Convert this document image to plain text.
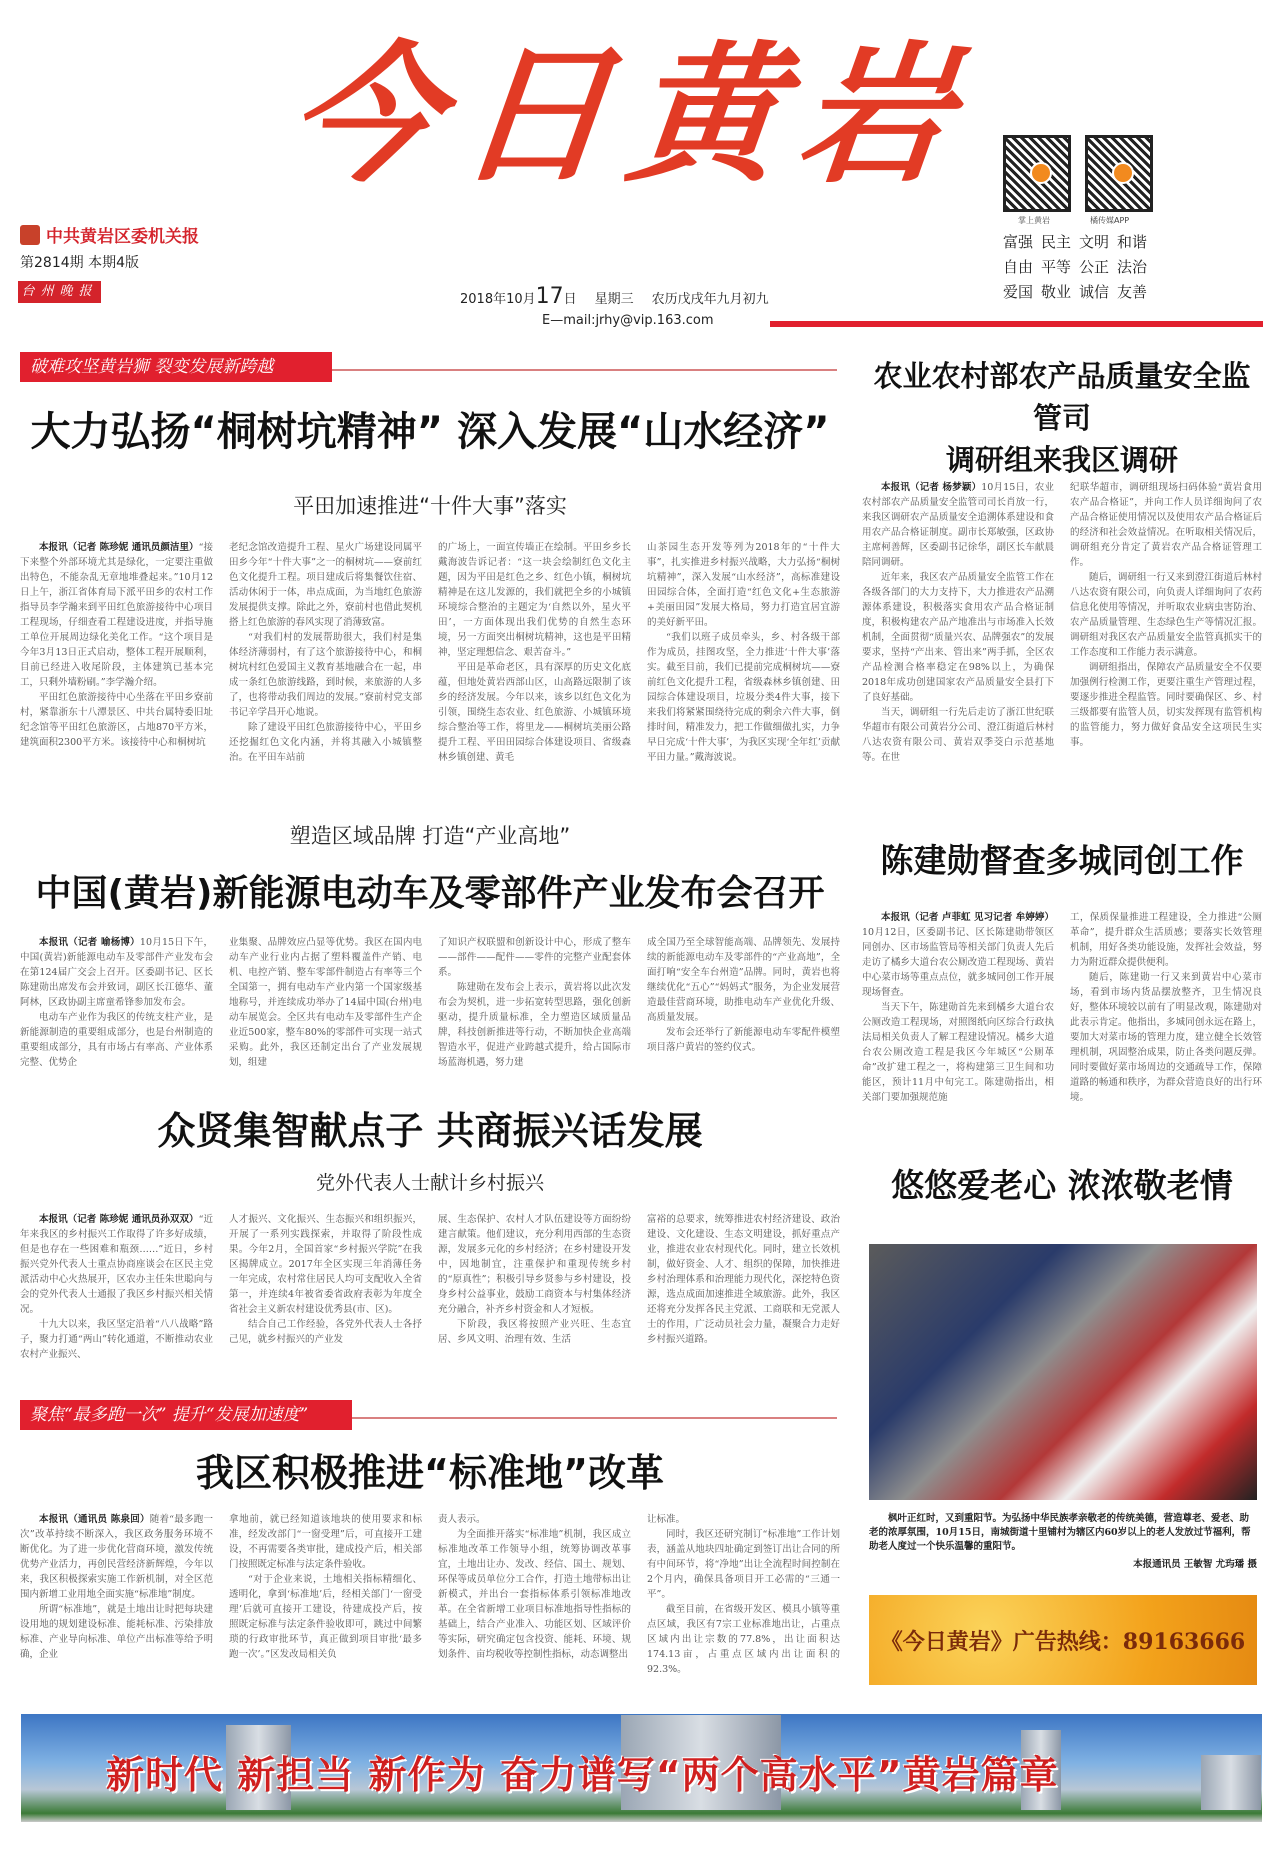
今日黄岩
中共黄岩区委机关报
第2814期 本期4版
台州晚报
2018年10月17日 星期三 农历戊戌年九月初九
E—mail:jrhy@vip.163.com
掌上黄岩	橘传媒APP
富强 民主 文明 和谐
自由 平等 公正 法治
爱国 敬业 诚信 友善
破难攻坚黄岩狮 裂变发展新跨越
大力弘扬“桐树坑精神” 深入发展“山水经济”
平田加速推进“十件大事”落实

本报讯（记者 陈珍妮 通讯员颜洁里）“接下来整个外部环境尤其是绿化，一定要注重做出特色，不能杂乱无章地堆叠起来。”10月12日上午，浙江省体育局下派平田乡的农村工作指导员李学瀚来到平田红色旅游接待中心项目工程现场，仔细查看工程建设进度，并指导施工单位开展周边绿化美化工作。“这个项目是今年3月13日正式启动，整体工程开展顺利，目前已经进入收尾阶段，主体建筑已基本完工，只剩外墙粉刷。”李学瀚介绍。

平田红色旅游接待中心坐落在平田乡寮前村，紧靠浙东十八潭景区、中共台属特委旧址纪念馆等平田红色旅游区，占地870平方米，建筑面积2300平方米。该接待中心和桐树坑

老纪念馆改造提升工程、星火广场建设同属平田乡今年“十件大事”之一的桐树坑——寮前红色文化提升工程。项目建成后将集餐饮住宿、活动休闲于一体，串点成面，为当地红色旅游发展提供支撑。除此之外，寮前村也借此契机搭上红色旅游的春风实现了消薄致富。

“对我们村的发展帮助很大，我们村是集体经济薄弱村，有了这个旅游接待中心，和桐树坑村红色爱国主义教育基地融合在一起，串成一条红色旅游线路，到时候，来旅游的人多了，也将带动我们周边的发展。”寮前村党支部书记辛学昌开心地说。

除了建设平田红色旅游接待中心，平田乡还挖掘红色文化内涵，并将其融入小城镇整治。在平田车站前

的广场上，一面宣传墙正在绘制。平田乡乡长戴海波告诉记者：“这一块会绘制红色文化主题，因为平田是红色之乡、红色小镇，桐树坑精神是在这儿发源的，我们就把全乡的小城镇环境综合整治的主题定为‘自然以外，星火平田’，一方面体现出我们优势的自然生态环境，另一方面突出桐树坑精神，这也是平田精神，坚定理想信念、艰苦奋斗。”

平田是革命老区，具有深厚的历史文化底蕴，但地处黄岩西部山区，山高路远限制了该乡的经济发展。今年以来，该乡以红色文化为引领，围绕生态农业、红色旅游、小城镇环境综合整治等工作，将里龙——桐树坑美丽公路提升工程、平田田园综合体建设项目、省级森林乡镇创建、黄毛

山茶园生态开发等列为2018年的“十件大事”，扎实推进乡村振兴战略，大力弘扬“桐树坑精神”，深入发展“山水经济”，高标准建设田园综合体，全面打造“红色文化+生态旅游+美丽田园”发展大格局，努力打造宜居宜游的美好新平田。

“我们以班子成员牵头，乡、村各级干部作为成员，挂图攻坚，全力推进‘十件大事’落实。截至目前，我们已提前完成桐树坑——寮前红色文化提升工程，省级森林乡镇创建、田园综合体建设项目，垃圾分类4件大事，接下来我们将紧紧围绕待完成的剩余六件大事，倒排时间，精准发力，把工作做细做扎实，力争早日完成‘十件大事’，为我区实现‘全年红’贡献平田力量。”戴海波说。

塑造区域品牌 打造“产业高地”
中国(黄岩)新能源电动车及零部件产业发布会召开

本报讯（记者 喻杨博）10月15日下午，中国(黄岩)新能源电动车及零部件产业发布会在第124届广交会上召开。区委副书记、区长陈建勋出席发布会并致词，副区长江德华、董阿林，区政协副主席童希锋参加发布会。

电动车产业作为我区的传统支柱产业，是新能源制造的重要组成部分，也是台州制造的重要组成部分，具有市场占有率高、产业体系完整、优势企

业集聚、品牌效应凸显等优势。我区在国内电动车产业行业内占据了塑料覆盖件产销、电机、电控产销、整车零部件制造占有率等三个全国第一，拥有电动车产业内第一个国家级基地称号，并连续成功举办了14届中国(台州)电动车展览会。全区共有电动车及零部件生产企业近500家，整车80%的零部件可实现一站式采购。此外，我区还制定出台了产业发展规划，组建

了知识产权联盟和创新设计中心，形成了整车——部件——配件——零件的完整产业配套体系。

陈建勋在发布会上表示，黄岩将以此次发布会为契机，进一步拓宽转型思路，强化创新驱动，提升质量标准，全力塑造区域质量品牌，科技创新推进等行动，不断加快企业高端智造水平，促进产业跨越式提升，给占国际市场蓝海机遇，努力建

成全国乃至全球智能高端、品牌领先、发展持续的新能源电动车及零部件的“产业高地”，全面打响“安全车台州造”品牌。同时，黄岩也将继续优化“五心”“妈妈式”服务，为企业发展营造最佳营商环境，助推电动车产业优化升级、高质量发展。

发布会还举行了新能源电动车零配件模塑项目落户黄岩的签约仪式。

众贤集智献点子 共商振兴话发展
党外代表人士献计乡村振兴

本报讯（记者 陈珍妮 通讯员孙双双）“近年来我区的乡村振兴工作取得了许多好成绩，但是也存在一些困难和瓶颈……”近日，乡村振兴党外代表人士重点协商座谈会在区民主党派活动中心火热展开，区农办主任朱世聪向与会的党外代表人士通报了我区乡村振兴相关情况。

十九大以来，我区坚定沿着“八八战略”路子，聚力打通“两山”转化通道，不断推动农业农村产业振兴、

人才振兴、文化振兴、生态振兴和组织振兴，开展了一系列实践探索，并取得了阶段性成果。今年2月，全国首家“乡村振兴学院”在我区揭牌成立。2017年全区实现三年消薄任务一年完成，农村常住居民人均可支配收入全省第一，并连续4年被省委省政府表彰为年度全省社会主义新农村建设优秀县(市、区)。

结合自己工作经验，各党外代表人士各抒己见，就乡村振兴的产业发

展、生态保护、农村人才队伍建设等方面纷纷建言献策。他们建议，充分利用西部的生态资源，发展多元化的乡村经济；在乡村建设开发中，因地制宜，注重保护和重现传统乡村的“原真性”；积极引导乡贤参与乡村建设，投身乡村公益事业，鼓励工商资本与村集体经济充分融合，补齐乡村资金和人才短板。

下阶段，我区将按照产业兴旺、生态宜居、乡风文明、治理有效、生活

富裕的总要求，统筹推进农村经济建设、政治建设、文化建设、生态文明建设，抓好重点产业，推进农业农村现代化。同时，建立长效机制，做好资金、人才、组织的保障，加快推进乡村治理体系和治理能力现代化，深挖特色资源，选点成面加速推进全域旅游。此外，我区还将充分发挥各民主党派、工商联和无党派人士的作用，广泛动员社会力量，凝聚合力走好乡村振兴道路。

聚焦“最多跑一次” 提升“发展加速度”
我区积极推进“标准地”改革

本报讯（通讯员 陈泉回）随着“最多跑一次”改革持续不断深入，我区政务服务环境不断优化。为了进一步优化营商环境，激发传统优势产业活力，再创民营经济新辉煌，今年以来，我区积极探索实施工作新机制，对全区范围内新增工业用地全面实施“标准地”制度。

所谓“标准地”，就是土地出让时把每块建设用地的规划建设标准、能耗标准、污染排放标准、产业导向标准、单位产出标准等给予明确，企业

拿地前，就已经知道该地块的使用要求和标准，经发改部门“一窗受理”后，可直接开工建设，不再需要各类审批，建成投产后，相关部门按照既定标准与法定条件验收。

“对于企业来说，土地相关指标精细化、透明化，拿到‘标准地’后，经相关部门‘一窗受理’后就可直接开工建设，待建成投产后，按照既定标准与法定条件验收即可，跳过中间繁琐的行政审批环节，真正做到项目审批‘最多跑一次’。”区发改局相关负

责人表示。

为全面推开落实“标准地”机制，我区成立标准地改革工作领导小组，统筹协调改革事宜，土地出让办、发改、经信、国土、规划、环保等成员单位分工合作，打造土地带标出让新模式，并出台一套指标体系引领标准地改革。在全省新增工业项目标准地指导性指标的基础上，结合产业准入、功能区划、区域评价等实际，研究确定包含投资、能耗、环境、规划条件、亩均税收等控制性指标，动态调整出

让标准。

同时，我区还研究制订“标准地”工作计划表，涵盖从地块四址确定到签订出让合同的所有中间环节，将“净地”出让全流程时间控制在2个月内，确保具备项目开工必需的“三通一平”。

截至目前，在省级开发区、模具小镇等重点区域，我区有7宗工业标准地出让，占重点区域内出让宗数的77.8%，出让面积达174.13亩，占重点区域内出让面积的92.3%。

农业农村部农产品质量安全监管司
调研组来我区调研

本报讯（记者 杨梦颖）10月15日，农业农村部农产品质量安全监管司司长肖放一行，来我区调研农产品质量安全追溯体系建设和食用农产品合格证制度。副市长郑敏强，区政协主席柯善辉，区委副书记徐华，副区长车献晨陪同调研。

近年来，我区农产品质量安全监管工作在各级各部门的大力支持下，大力推进农产品溯源体系建设，积极落实食用农产品合格证制度，积极构建农产品产地准出与市场准入长效机制，全面贯彻“质量兴农、品牌强农”的发展要求，坚持“产出来、管出来”两手抓，全区农产品检测合格率稳定在98%以上，为确保2018年成功创建国家农产品质量安全县打下了良好基础。

当天，调研组一行先后走访了浙江世纪联华超市有限公司黄岩分公司、澄江街道后林村八达农资有限公司、黄岩双季茭白示范基地等。在世

纪联华超市，调研组现场扫码体验“黄岩食用农产品合格证”，并向工作人员详细询问了农产品合格证使用情况以及使用农产品合格证后的经济和社会效益情况。在听取相关情况后，调研组充分肯定了黄岩农产品合格证管理工作。

随后，调研组一行又来到澄江街道后林村八达农资有限公司，向负责人详细询问了农药信息化使用等情况，并听取农业病虫害防治、农产品质量管理、生态绿色生产等情况汇报。调研组对我区农产品质量安全监管真抓实干的工作态度和工作能力表示满意。

调研组指出，保障农产品质量安全不仅要加强例行检测工作，更要注重生产管理过程，要逐步推进全程监管。同时要确保区、乡、村三级都要有监管人员，切实发挥现有监管机构的监管能力，努力做好食品安全这项民生实事。

陈建勋督查多城同创工作

本报讯（记者 卢菲虹 见习记者 牟婷婷）10月12日，区委副书记、区长陈建勋带领区同创办、区市场监管局等相关部门负责人先后走访了橘乡大道台农公厕改造工程现场、黄岩中心菜市场等重点点位，就多城同创工作开展现场督查。

当天下午，陈建勋首先来到橘乡大道台农公厕改造工程现场，对照图纸向区综合行政执法局相关负责人了解工程建设情况。橘乡大道台农公厕改造工程是我区今年城区“公厕革命”改扩建工程之一，将构建第三卫生间和功能区，预计11月中旬完工。陈建勋指出，相关部门要加强规范施

工，保质保量推进工程建设，全力推进“公厕革命”，提升群众生活质感；要落实长效管理机制，用好各类功能设施，发挥社会效益，努力为附近群众提供便利。

随后，陈建勋一行又来到黄岩中心菜市场，看到市场内货品摆放整齐，卫生情况良好，整体环境较以前有了明显改观，陈建勋对此表示肯定。他指出，多城同创永远在路上，要加大对菜市场的管理力度，建立健全长效管理机制，巩固整治成果，防止各类问题反弹。同时要做好菜市场周边的交通疏导工作，保障道路的畅通和秩序，为群众营造良好的出行环境。

悠悠爱老心 浓浓敬老情
枫叶正红时，又到重阳节。为弘扬中华民族孝亲敬老的传统美德，营造尊老、爱老、助老的浓厚氛围，10月15日，南城街道十里铺村为辖区内60岁以上的老人发放过节福利，帮助老人度过一个快乐温馨的重阳节。
本报通讯员 王敏智 尤玙璠 摄
《今日黄岩》广告热线：89163666
新时代 新担当 新作为 奋力谱写“两个高水平”黄岩篇章
